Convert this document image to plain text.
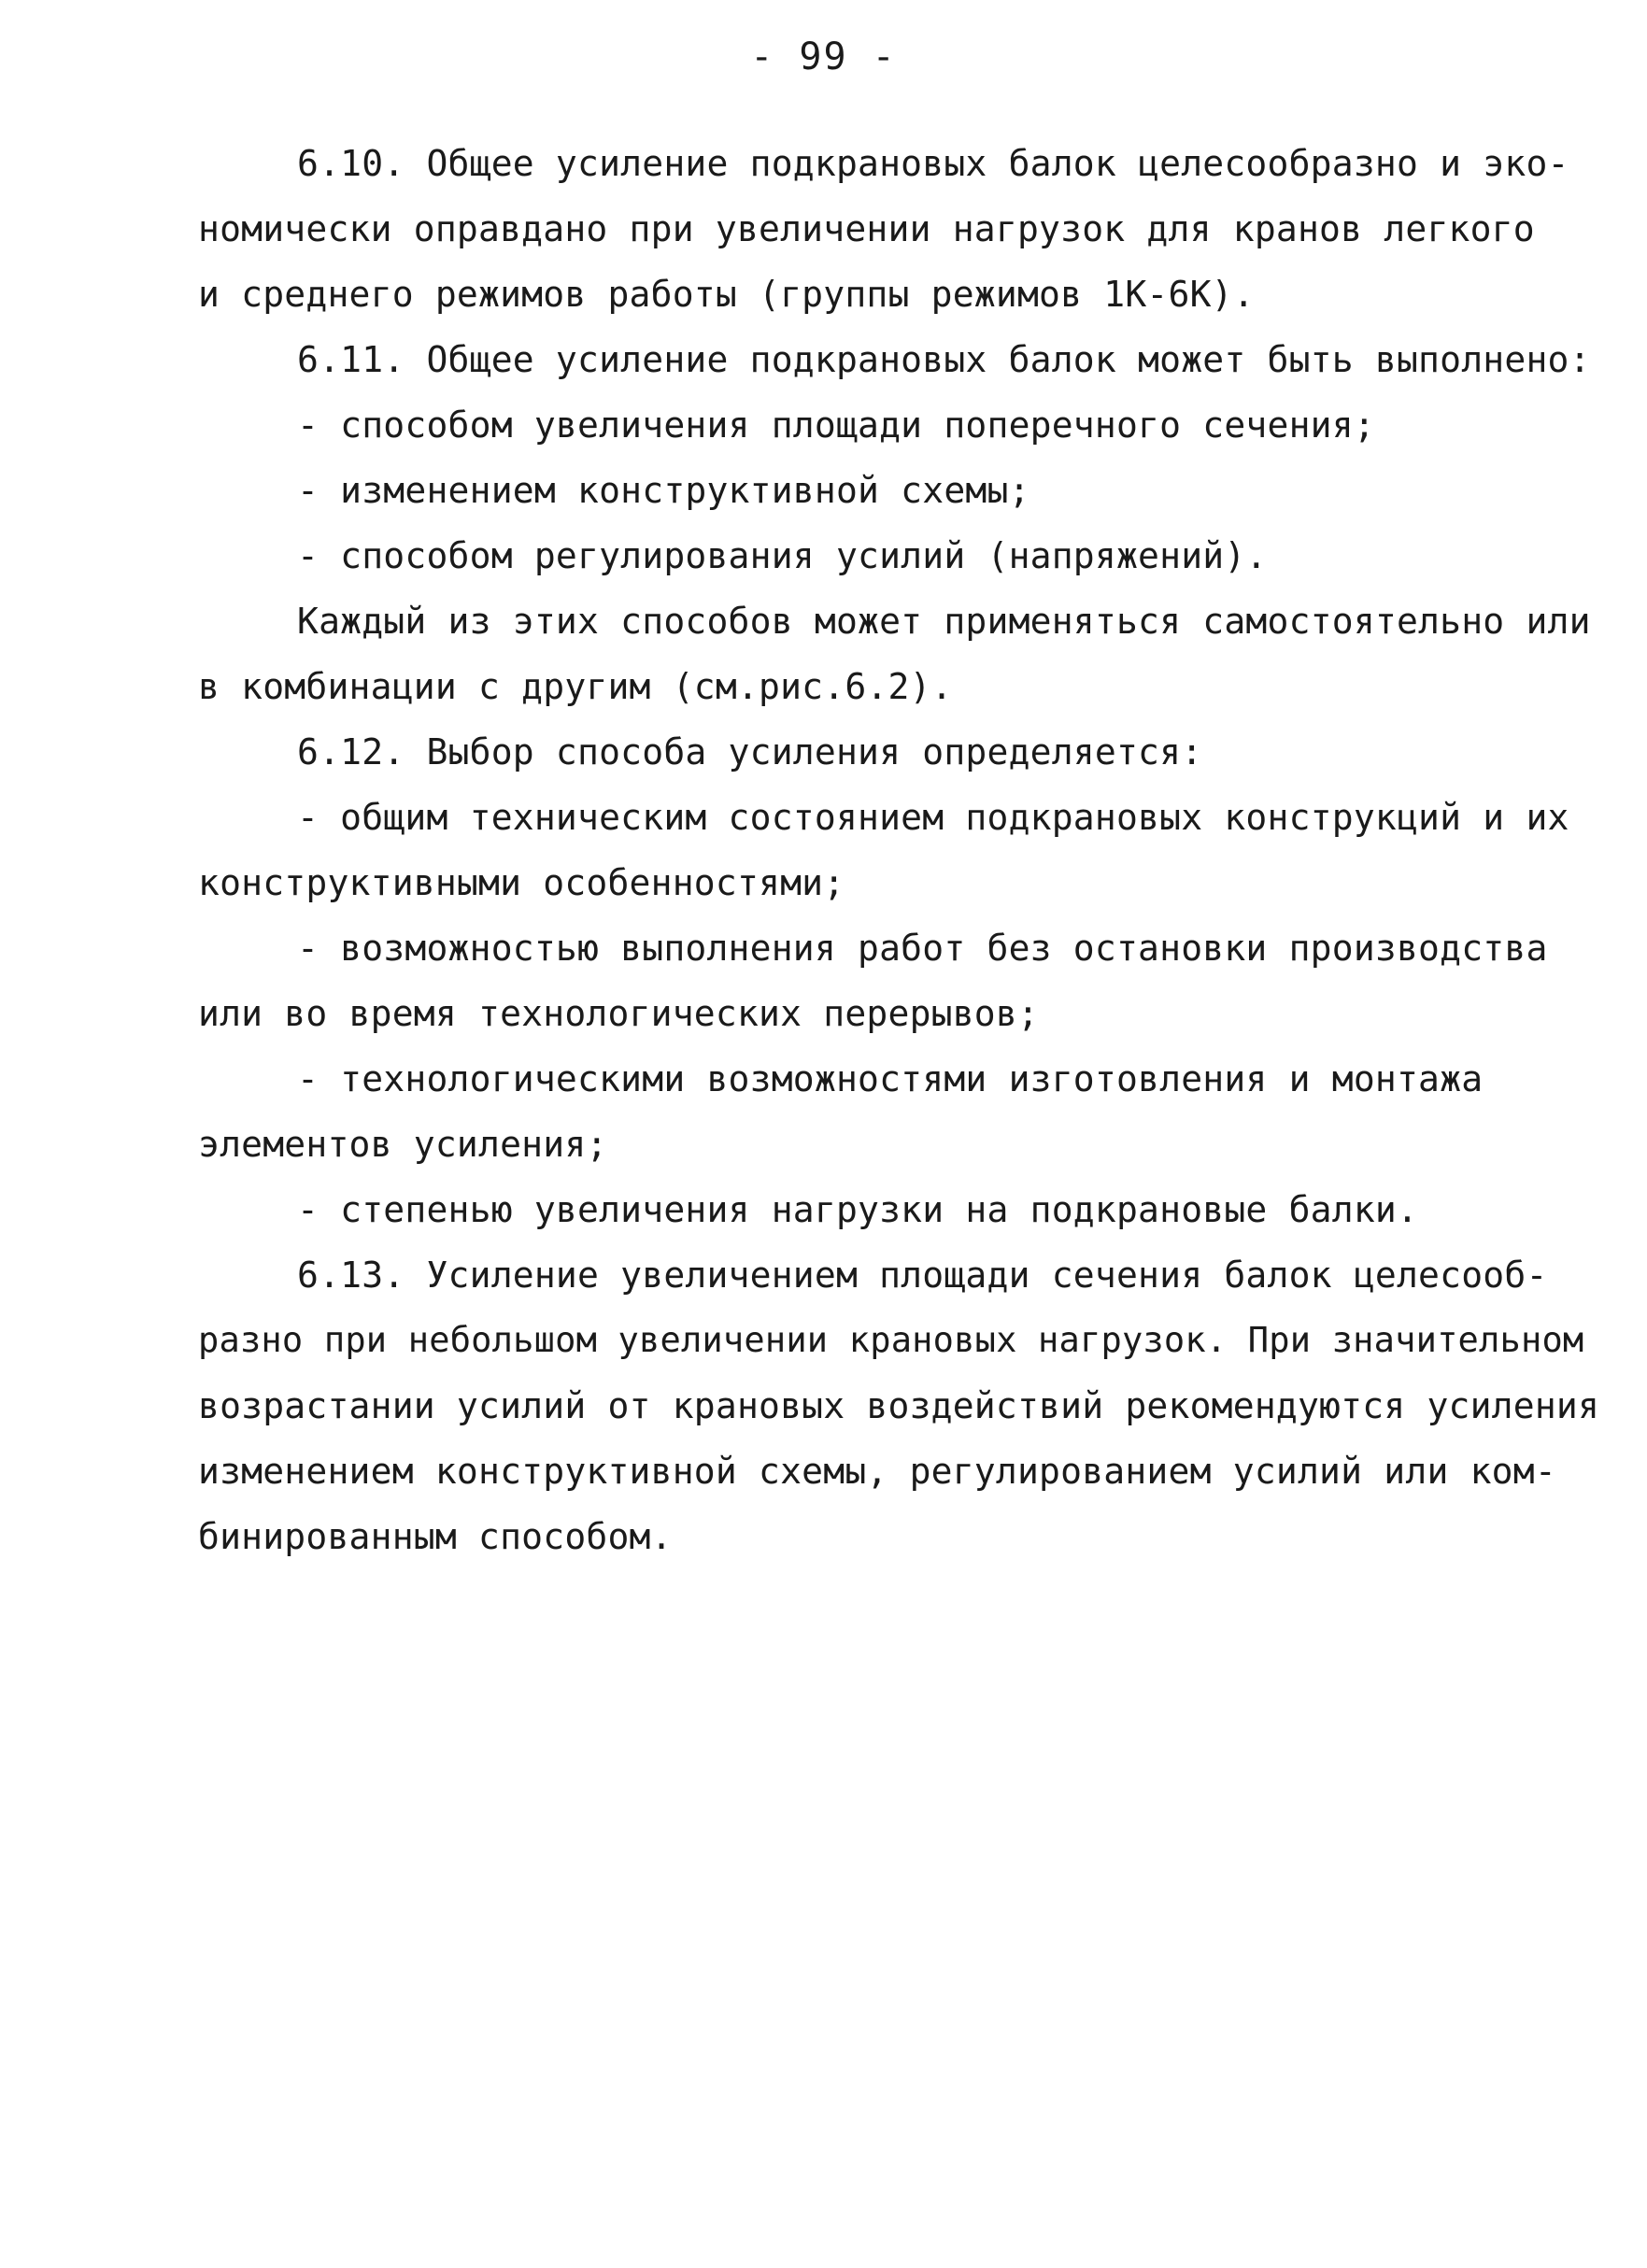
- 99 -
6.10. Общее усиление подкрановых балок целесообразно и эко-
номически оправдано при увеличении нагрузок для кранов легкого
и среднего режимов работы (группы режимов 1К-6К).
6.11. Общее усиление подкрановых балок может быть выполнено:
- способом увеличения площади поперечного сечения;
- изменением конструктивной схемы;
- способом регулирования усилий (напряжений).
Каждый из этих способов может применяться самостоятельно или
в комбинации с другим (см.рис.6.2).
6.12. Выбор способа усиления определяется:
- общим техническим состоянием подкрановых конструкций и их
конструктивными особенностями;
- возможностью выполнения работ без остановки производства
или во время технологических перерывов;
- технологическими возможностями изготовления и монтажа
элементов усиления;
- степенью увеличения нагрузки на подкрановые балки.
6.13. Усиление увеличением площади сечения балок целесооб-
разно при небольшом увеличении крановых нагрузок. При значительном
возрастании усилий от крановых воздействий рекомендуются усиления
изменением конструктивной схемы, регулированием усилий или ком-
бинированным способом.
